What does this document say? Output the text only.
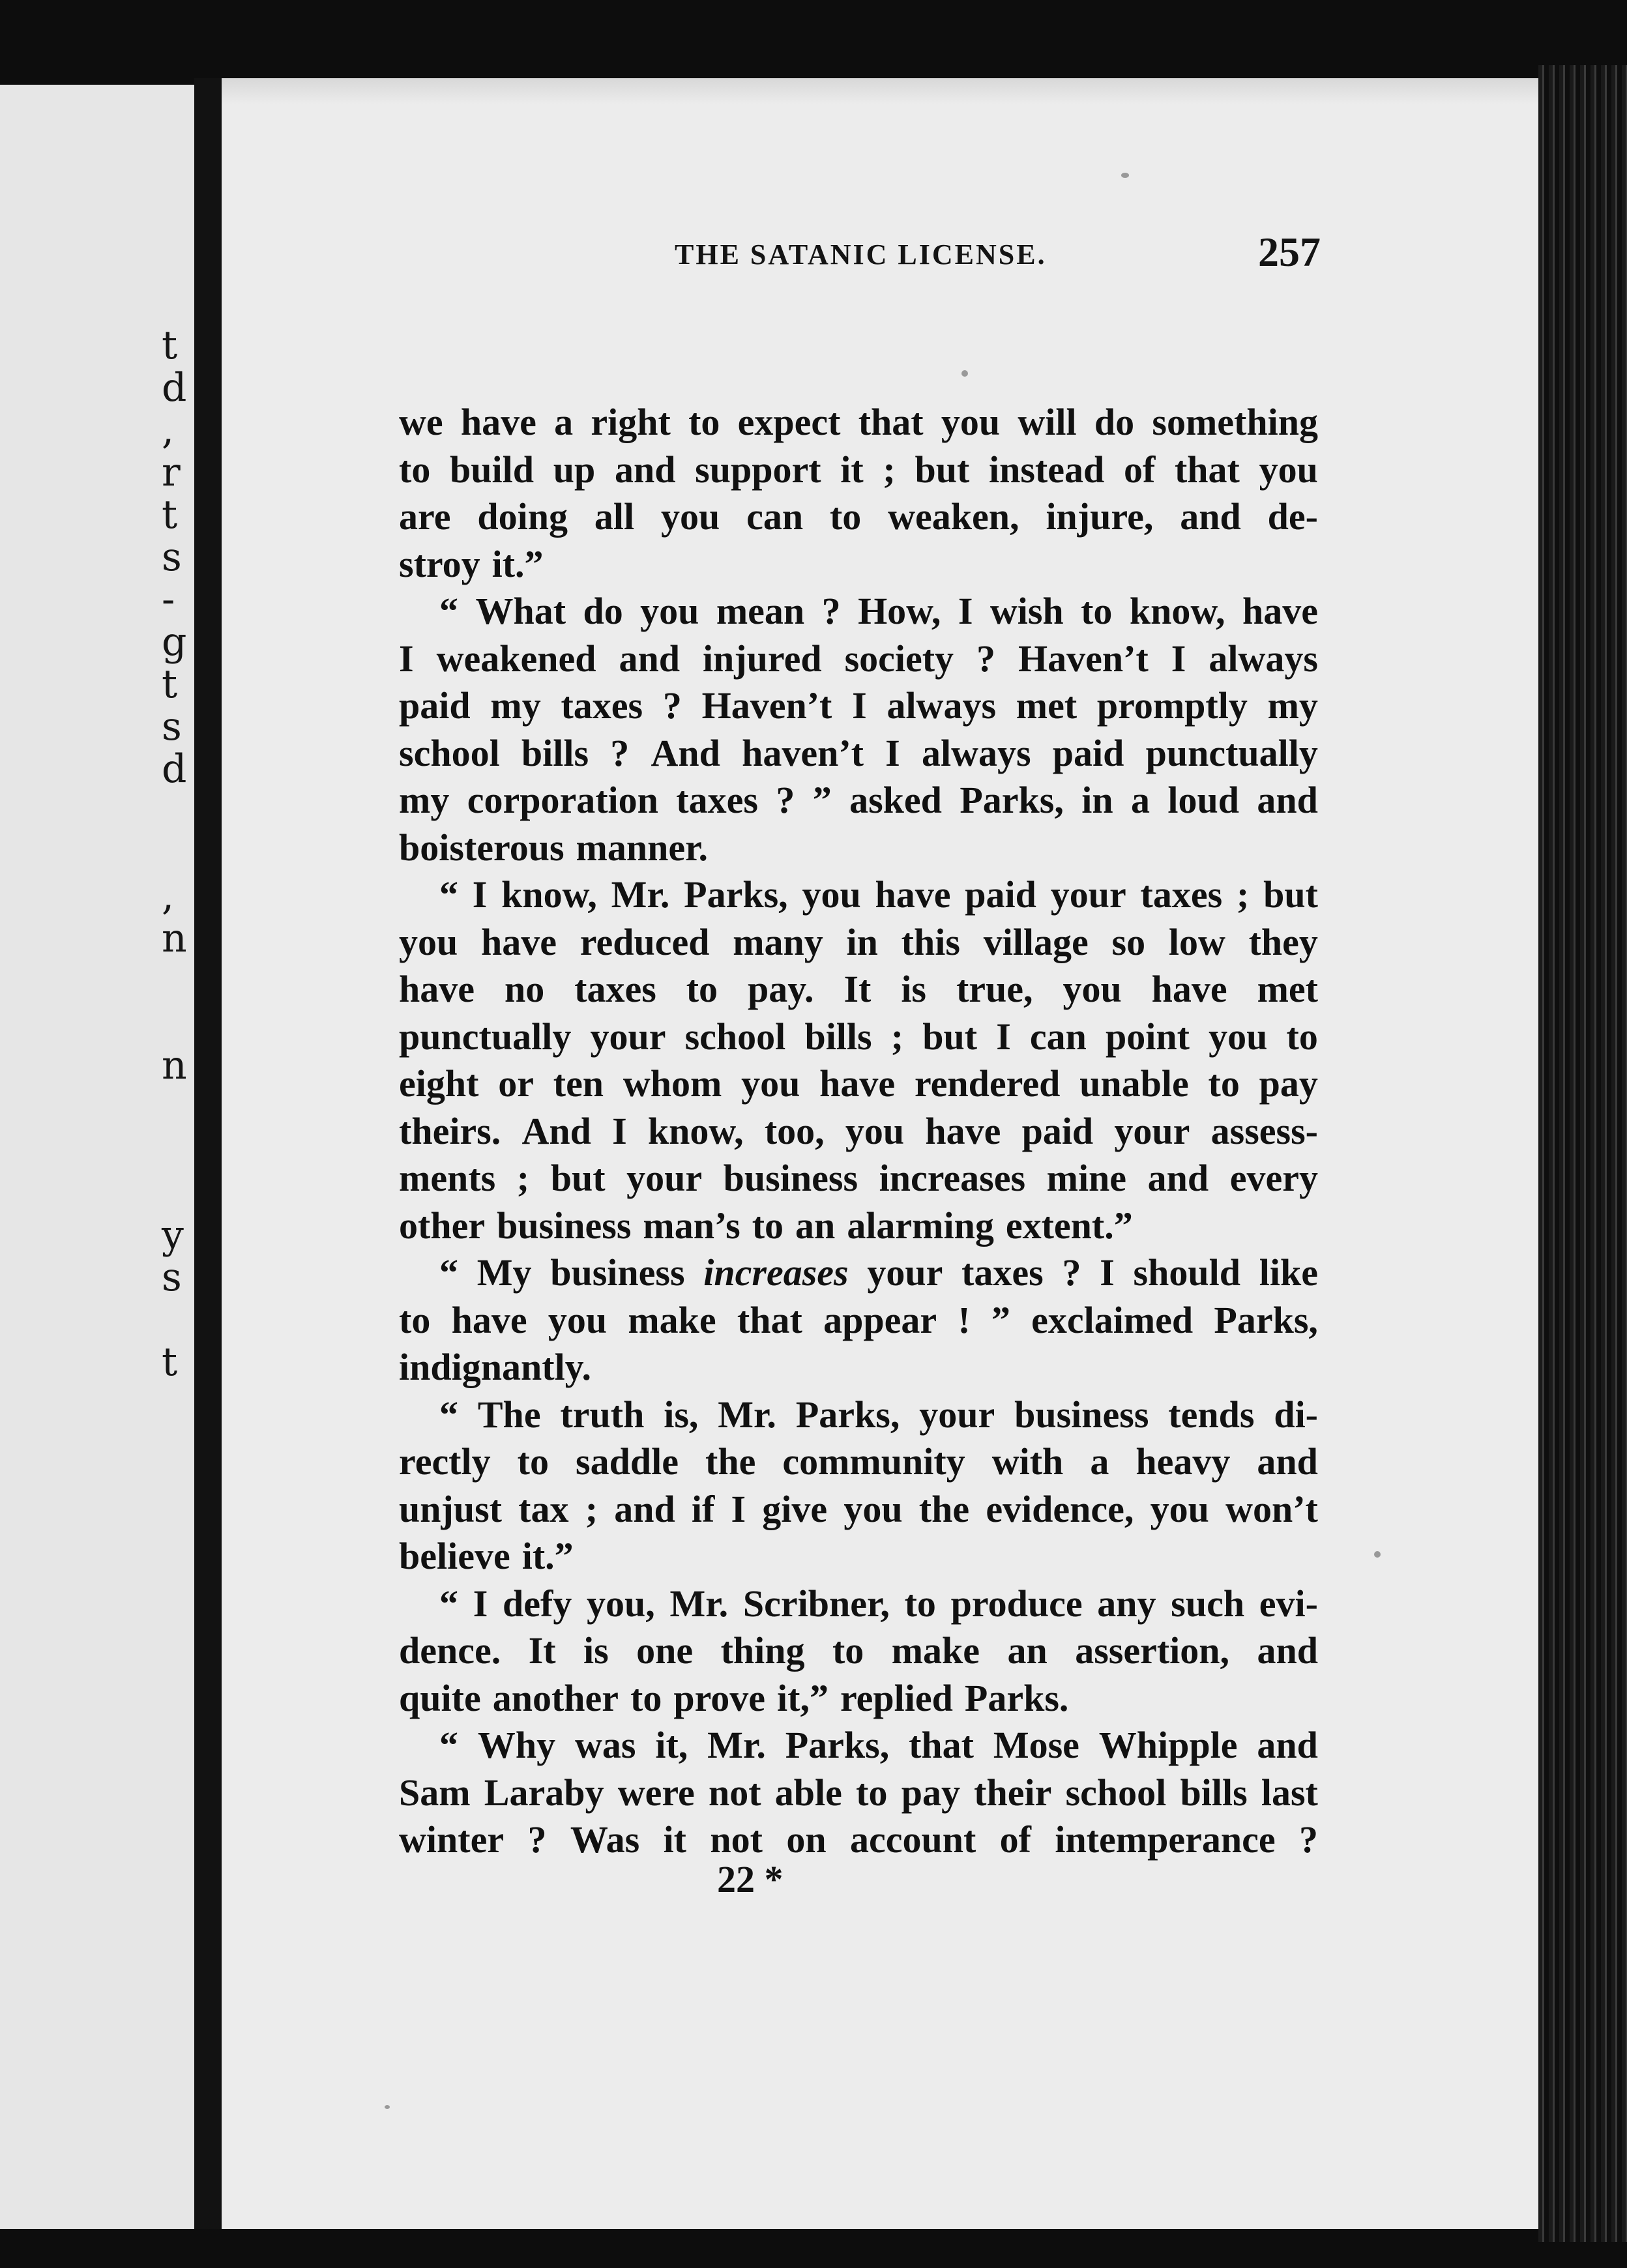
t
d
,
r
t
s
-
g
t
s
d
,
n
n
y
s
t
THE SATANIC LICENSE.	257
we have a right to expect that you will do something
to build up and support it ; but instead of that you
are doing all you can to weaken, injure, and de-
stroy it.”
“ What do you mean ? How, I wish to know, have
I weakened and injured society ? Haven’t I always
paid my taxes ? Haven’t I always met promptly my
school bills ? And haven’t I always paid punctually
my corporation taxes ? ” asked Parks, in a loud and
boisterous manner.
“ I know, Mr. Parks, you have paid your taxes ; but
you have reduced many in this village so low they
have no taxes to pay. It is true, you have met
punctually your school bills ; but I can point you to
eight or ten whom you have rendered unable to pay
theirs. And I know, too, you have paid your assess-
ments ; but your business increases mine and every
other business man’s to an alarming extent.”
“ My business increases your taxes ? I should like
to have you make that appear ! ” exclaimed Parks,
indignantly.
“ The truth is, Mr. Parks, your business tends di-
rectly to saddle the community with a heavy and
unjust tax ; and if I give you the evidence, you won’t
believe it.”
“ I defy you, Mr. Scribner, to produce any such evi-
dence. It is one thing to make an assertion, and
quite another to prove it,” replied Parks.
“ Why was it, Mr. Parks, that Mose Whipple and
Sam Laraby were not able to pay their school bills last
winter ? Was it not on account of intemperance ?
22 *
